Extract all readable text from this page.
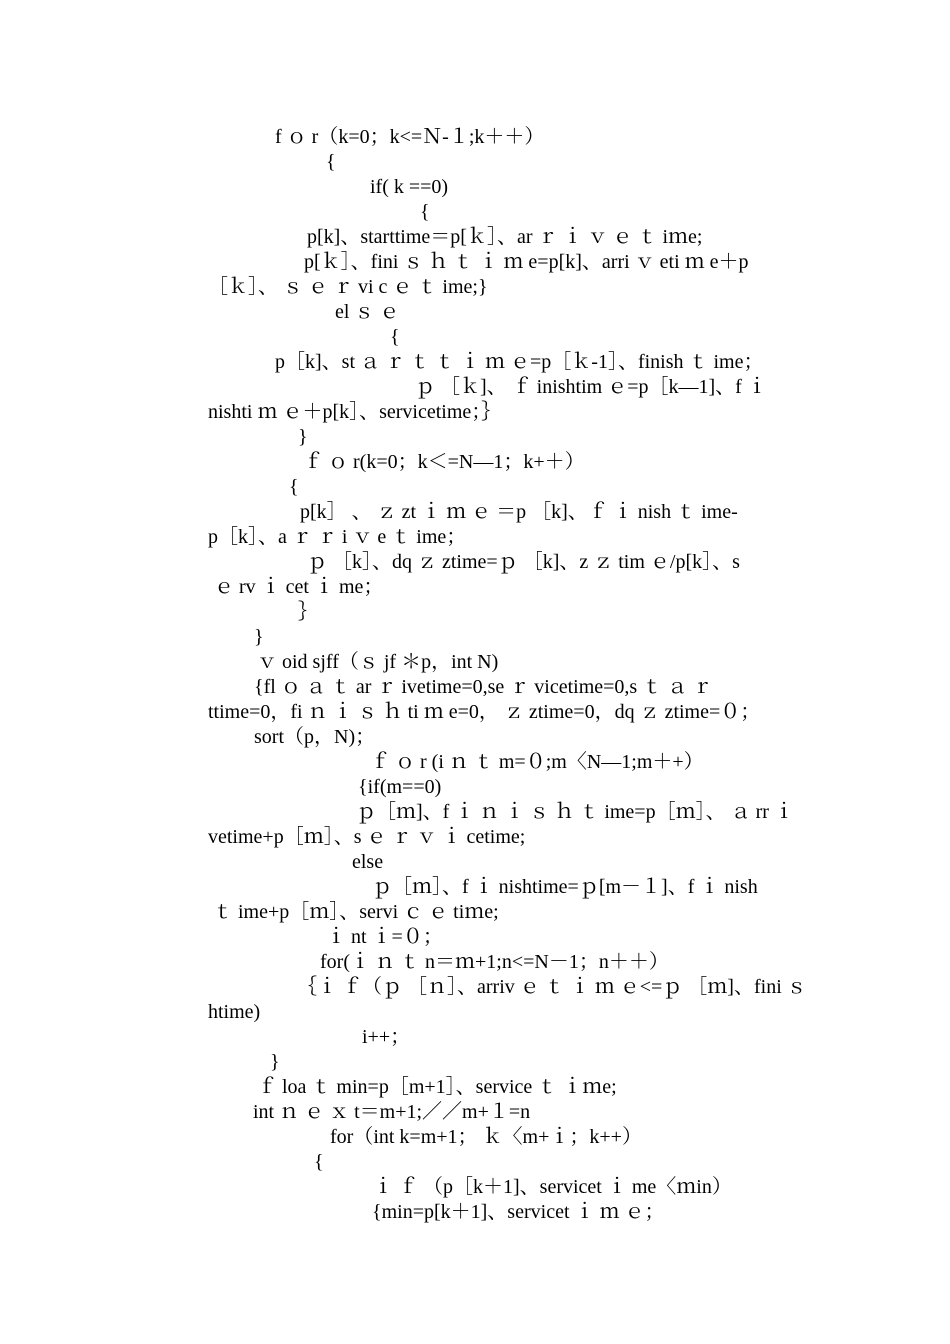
f ｏ r（k=0；k<=Ｎ-１;k＋＋）
{
if( k ==0)
{
p[k]、starttime＝p[ｋ］、ar ｒ ｉ ｖ ｅ ｔ iｍe;
p[ｋ］、fini ｓ ｈ ｔ ｉ ｍ e=p[k]、arri ｖ eti ｍ e＋p
［ｋ］、 ｓ ｅ ｒ vi c ｅ ｔ ime;}
el ｓ ｅ
{
p［k]、st ａ ｒ ｔ ｔ ｉ ｍ ｅ=p［ｋ-1］、finish ｔ ime；
ｐ ［ｋ]、 ｆ inishtim ｅ=p［k—1]、f ｉ
nishti ｍ ｅ＋p[k］、servicetime；｝
}
ｆ ｏ r(k=0；k＜=N—1；k+＋）
{
p[k］ 、 ｚ zt ｉ ｍ ｅ ＝p ［k]、ｆ ｉ nish ｔ ime-
p［k］、a ｒ ｒ i ｖ e ｔ ime；
ｐ ［k］、dq ｚ ztime=ｐ ［k]、z ｚ tim ｅ/p[k］、s
ｅ rv ｉ cet ｉ me；
｝
}
ｖ oid sjff（ｓ jf ＊p，int N)
{fl ｏ ａ ｔ ar ｒ ivetime=0,se ｒ vicetime=0,s ｔ ａ ｒ
ttime=0，fi ｎ ｉ ｓ ｈ ti ｍ e=0， ｚ ztime=0，dq ｚ ztime=０；
sort（p，N)；
ｆ ｏ r (i ｎ ｔ m=０;m〈N—1;m＋+）
{if(m==0)
ｐ［ｍ]、f ｉ ｎ ｉ ｓ ｈ ｔ ime=p［ｍ］、 ａ rr ｉ
vetime+p［ｍ］、s ｅ ｒ ｖ ｉ cetime;
else
ｐ［ｍ］、f ｉ nishtime=ｐ[m－１]、f ｉ nish
ｔ ime+p［ｍ］、servi ｃ ｅ tiｍe;
ｉ nt ｉ=０；
for(ｉ ｎ ｔ n＝ｍ+1;n<=N－1；n＋＋）
｛ｉ ｆ（ｐ ［ｎ］、arriv ｅ ｔ ｉ ｍ ｅ<=ｐ ［ｍ]、fini ｓ
htime)
i++；
}
ｆ loa ｔ min=p［m+1］、service ｔ ｉｍe;
int ｎ ｅ ｘ t＝m+1;／／m+１=n
for（int k=m+1； ｋ〈m+ｉ；k++）
{
ｉ ｆ （p［k＋1]、servicet ｉ me〈ｍin）
{min=p[k＋1]、servicet ｉ ｍ ｅ；
